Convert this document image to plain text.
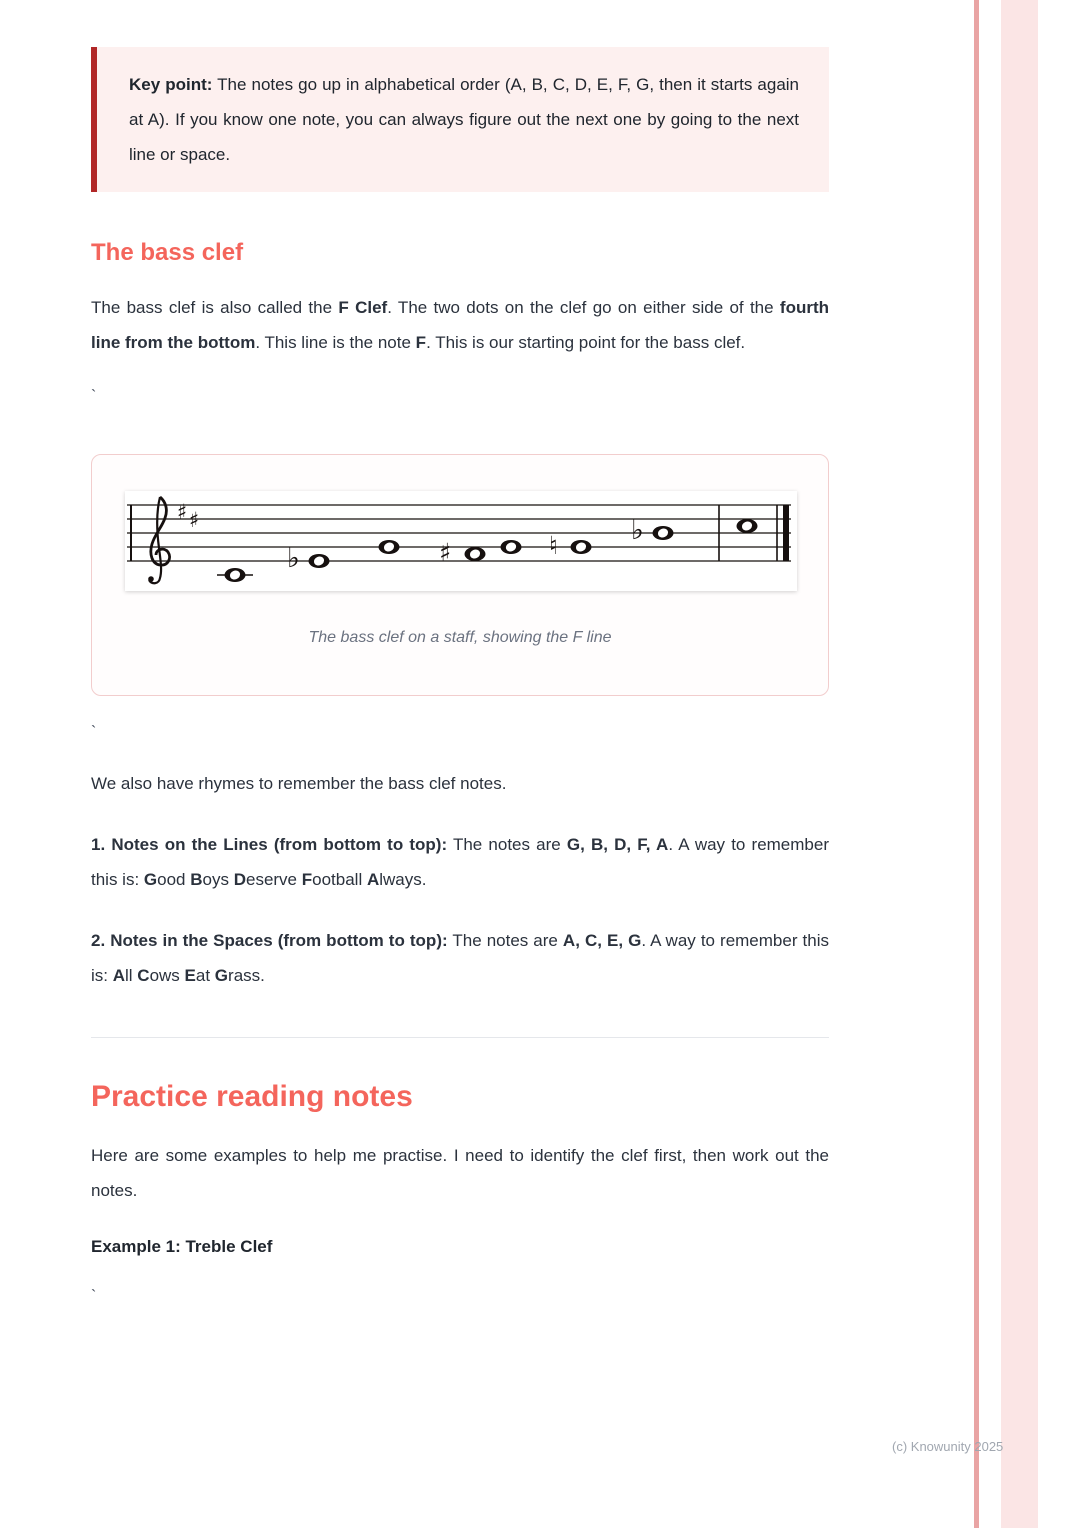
Key point: The notes go up in alphabetical order (A, B, C, D, E, F, G, then it starts again at A). If you know one note, you can always figure out the next one by going to the next line or space.
The bass clef

The bass clef is also called the F Clef. The two dots on the clef go on either side of the fourth line from the bottom. This line is the note F. This is our starting point for the bass clef.

`
♯ ♯
♭	♯	♮	♭
The bass clef on a staff, showing the F line
`

We also have rhymes to remember the bass clef notes.

1. Notes on the Lines (from bottom to top): The notes are G, B, D, F, A. A way to remember this is: Good Boys Deserve Football Always.

2. Notes in the Spaces (from bottom to top): The notes are A, C, E, G. A way to remember this is: All Cows Eat Grass.

Practice reading notes

Here are some examples to help me practise. I need to identify the clef first, then work out the notes.

Example 1: Treble Clef

`
(c) Knowunity 2025
